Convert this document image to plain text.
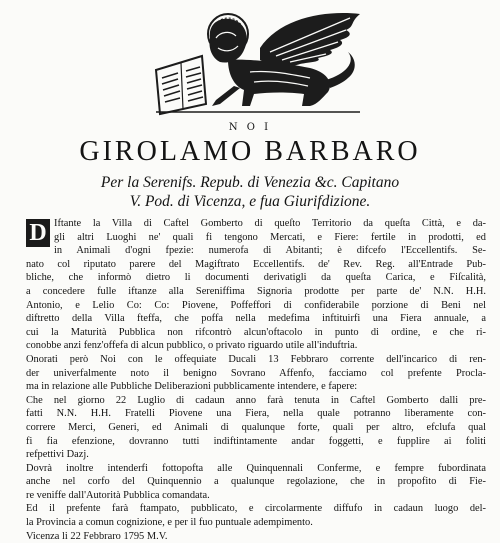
N O I
GIROLAMO BARBARO
Per la Serenifs. Repub. di Venezia &c. Capitano
V. Pod. di Vicenza, e fua Giurifdizione.
D Iftante la Villa di Caftel Gomberto di queſto Territorio da queſta Città, e da-
gli altri Luoghi ne' quali fi tengono Mercati, e Fiere: fertile in prodotti, ed
in Animali d'ogni fpezie: numerofa di Abitanti; è difcefo l'Eccellentifs. Se-
nato col riputato parere del Magiftrato Eccellentifs. de' Rev. Reg. all'Entrade Pub-
bliche, che informò dietro li documenti derivatigli da queſta Carica, e Fiſcalità,
a concedere fulle iftanze alla Sereniffima Signoria prodotte per parte de' N.N. H.H.
Antonio, e Lelio Co: Co: Piovene, Poffeffori di confiderabile porzione di Beni nel
diftretto della Villa fteffa, che poffa nella medefima inftituirfi una Fiera annuale, a
cui la Maturità Pubblica non rifcontrò alcun'oftacolo in punto di ordine, e che ri-
conobbe anzi fenz'offefa di alcun pubblico, o privato riguardo utile all'induftria.
Onorati però Noi con le offequiate Ducali 13 Febbraro corrente dell'incarico di ren-
der univerfalmente noto il benigno Sovrano Affenfo, facciamo col prefente Procla-
ma in relazione alle Pubbliche Deliberazioni pubblicamente intendere, e fapere:
Che nel giorno 22 Luglio di cadaun anno farà tenuta in Caftel Gomberto dalli pre-
fatti N.N. H.H. Fratelli Piovene una Fiera, nella quale potranno liberamente con-
correre Merci, Generi, ed Animali di qualunque forte, quali per altro, efclufa qual
fi fia efenzione, dovranno tutti indiftintamente andar foggetti, e fupplire ai foliti
refpettivi Dazj.
Dovrà inoltre intenderfi fottopofta alle Quinquennali Conferme, e fempre fubordinata
anche nel corfo del Quinquennio a qualunque regolazione, che in propofito di Fie-
re veniffe dall'Autorità Pubblica comandata.
Ed il prefente farà ftampato, pubblicato, e circolarmente diffufo in cadaun luogo del-
la Provincia a comun cognizione, e per il fuo puntuale adempimento.
Vicenza li 22 Febbraro 1795 M.V.
